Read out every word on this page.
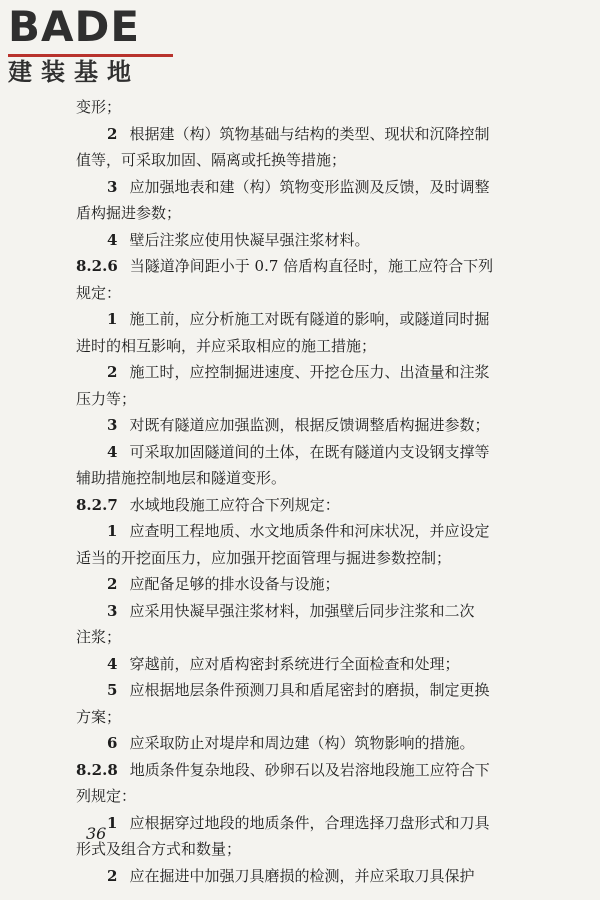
BADE
建装基地
变形；
2 根据建（构）筑物基础与结构的类型、现状和沉降控制
值等，可采取加固、隔离或托换等措施；
3 应加强地表和建（构）筑物变形监测及反馈，及时调整
盾构掘进参数；
4 壁后注浆应使用快凝早强注浆材料。
8.2.6 当隧道净间距小于 0.7 倍盾构直径时，施工应符合下列
规定：
1 施工前，应分析施工对既有隧道的影响，或隧道同时掘
进时的相互影响，并应采取相应的施工措施；
2 施工时，应控制掘进速度、开挖仓压力、出渣量和注浆
压力等；
3 对既有隧道应加强监测，根据反馈调整盾构掘进参数；
4 可采取加固隧道间的土体，在既有隧道内支设钢支撑等
辅助措施控制地层和隧道变形。
8.2.7 水域地段施工应符合下列规定：
1 应查明工程地质、水文地质条件和河床状况，并应设定
适当的开挖面压力，应加强开挖面管理与掘进参数控制；
2 应配备足够的排水设备与设施；
3 应采用快凝早强注浆材料，加强壁后同步注浆和二次
注浆；
4 穿越前，应对盾构密封系统进行全面检查和处理；
5 应根据地层条件预测刀具和盾尾密封的磨损，制定更换
方案；
6 应采取防止对堤岸和周边建（构）筑物影响的措施。
8.2.8 地质条件复杂地段、砂卵石以及岩溶地段施工应符合下
列规定：
1 应根据穿过地段的地质条件，合理选择刀盘形式和刀具
形式及组合方式和数量；
2 应在掘进中加强刀具磨损的检测，并应采取刀具保护
36
